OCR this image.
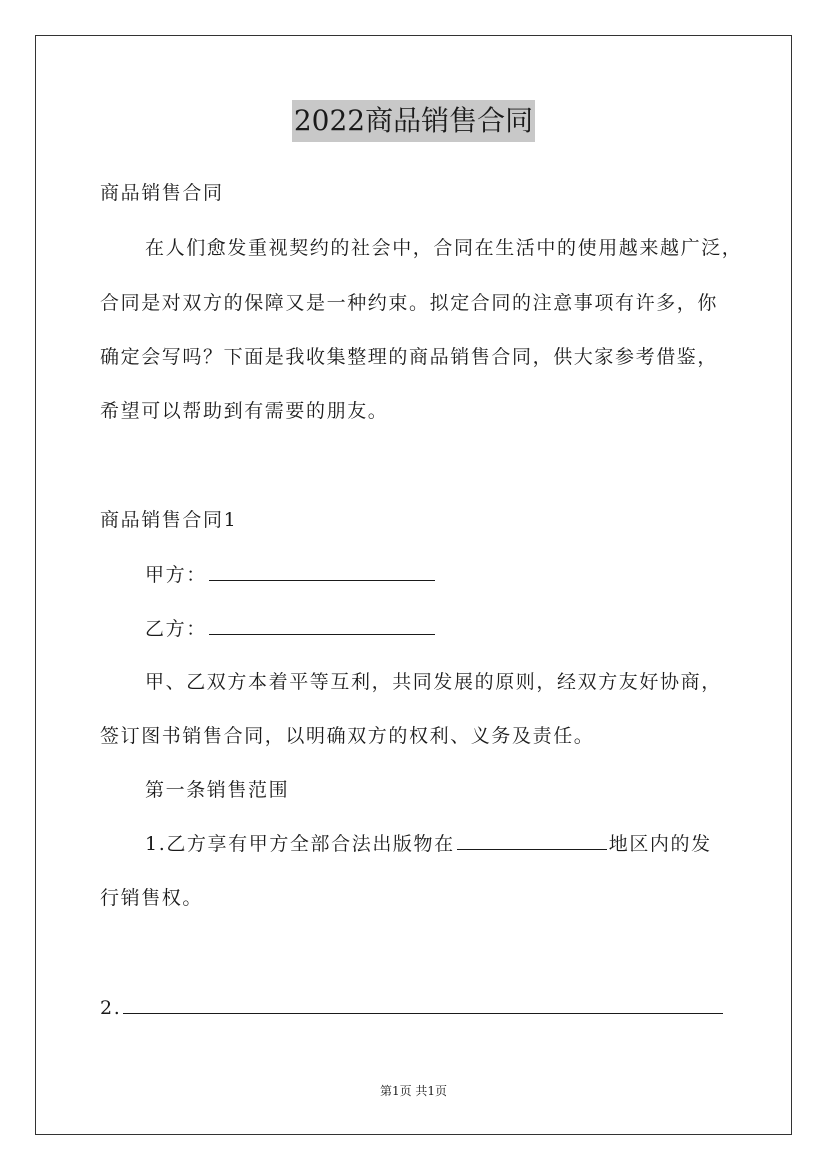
2022商品销售合同
商品销售合同
在人们愈发重视契约的社会中，合同在生活中的使用越来越广泛，
合同是对双方的保障又是一种约束。拟定合同的注意事项有许多，你
确定会写吗？下面是我收集整理的商品销售合同，供大家参考借鉴，
希望可以帮助到有需要的朋友。
商品销售合同1
甲方：
乙方：
甲、乙双方本着平等互利，共同发展的原则，经双方友好协商，
签订图书销售合同，以明确双方的权利、义务及责任。
第一条销售范围
1.乙方享有甲方全部合法出版物在	地区内的发
行销售权。
2.
第1页 共1页
